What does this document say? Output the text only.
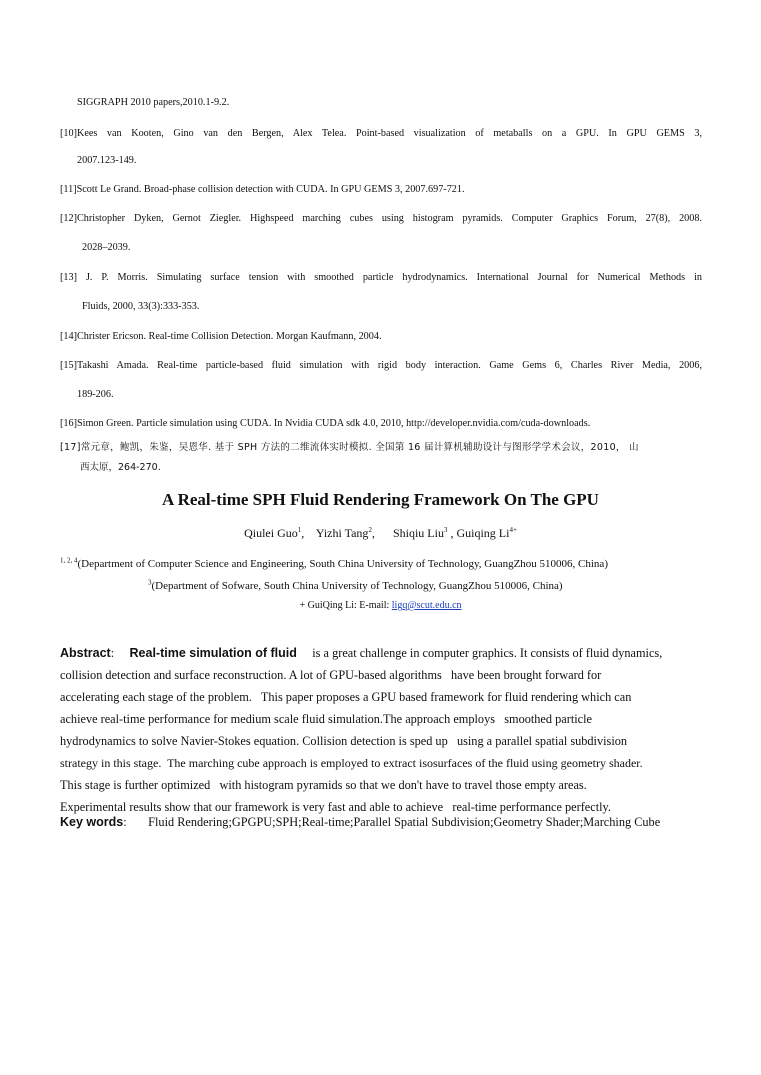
SIGGRAPH 2010 papers,2010.1-9.2.
[10]Kees van Kooten, Gino van den Bergen, Alex Telea. Point-based visualization of metaballs on a GPU. In GPU GEMS 3,
2007.123-149.
[11]Scott Le Grand. Broad-phase collision detection with CUDA. In GPU GEMS 3, 2007.697-721.
[12]Christopher Dyken, Gernot Ziegler. Highspeed marching cubes using histogram pyramids. Computer Graphics Forum, 27(8), 2008.
2028–2039.
[13] J. P. Morris. Simulating surface tension with smoothed particle hydrodynamics. International Journal for Numerical Methods in
Fluids, 2000, 33(3):333-353.
[14]Christer Ericson. Real-time Collision Detection. Morgan Kaufmann, 2004.
[15]Takashi Amada. Real-time particle-based fluid simulation with rigid body interaction. Game Gems 6, Charles River Media, 2006,
189-206.
[16]Simon Green. Particle simulation using CUDA. In Nvidia CUDA sdk 4.0, 2010, http://developer.nvidia.com/cuda-downloads.
[17]常元章，鲍凯，朱鉴，吴恩华. 基于 SPH 方法的二维流体实时模拟. 全国第 16 届计算机辅助设计与图形学学术会议，2010， 山
西太原，264-270.
A Real-time SPH Fluid Rendering Framework On The GPU
Qiulei Guo$^1$,    Yizhi Tang$^2$,      Shiqiu Liu$^3$ , Guiqing $Li^{4+}$
$^{1, 2, 4}$(Department of Computer Science and Engineering, South China University of Technology, GuangZhou 510006, China)
$^3$(Department of Sofware, South China University of Technology, GuangZhou 510006, China)
+ GuiQing Li: E-mail: ligq@scut.edu.cn
Abstract: Real-time simulation of fluid is a great challenge in computer graphics. It consists of fluid dynamics,
collision detection and surface reconstruction. A lot of GPU-based algorithms   have been brought forward for
accelerating each stage of the problem.   This paper proposes a GPU based framework for fluid rendering which can
achieve real-time performance for medium scale fluid simulation.The approach employs   smoothed particle
hydrodynamics to solve Navier-Stokes equation. Collision detection is sped up   using a parallel spatial subdivision
strategy in this stage.  The marching cube approach is employed to extract isosurfaces of the fluid using geometry shader.
This stage is further optimized   with histogram pyramids so that we don't have to travel those empty areas.
Experimental results show that our framework is very fast and able to achieve   real-time performance perfectly.
Key words: Fluid Rendering;GPGPU;SPH;Real-time;Parallel Spatial Subdivision;Geometry Shader;Marching Cube
